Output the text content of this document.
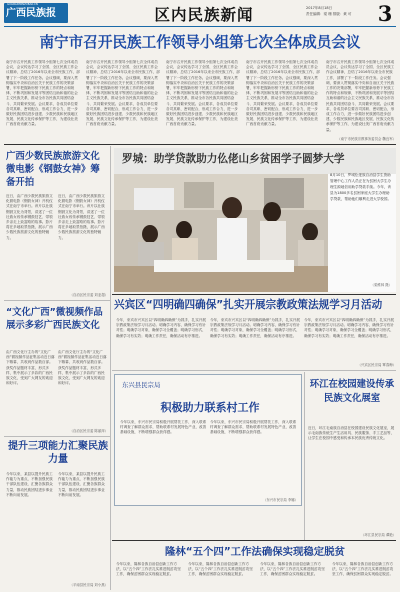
GUANGXIMINZUBAO.CN
广西民族报	区内民族新闻	2017年8月18日
责任编辑：梁 珊 排版：黄 可	3
南宁市召开民族工作领导小组第七次全体成员会议
南宁市召开民族工作领导小组第七次全体成员会议，会议传达学习了全国、全区民族工作会议精神，总结了2016年以来全市民族工作，部署了下一阶段工作任务。会议强调，要深入贯彻落实中央和自治区关于民族工作的决策部署，牢牢把握新形势下民族工作的特点和规律，不断巩固和发展平等团结互助和谐的社会主义民族关系，推动全市各民族共同团结奋斗、共同繁荣发展。会议要求，各成员单位要各司其职、密切配合，形成工作合力，进一步做好民族团结进步创建、少数民族和民族地区发展、民族文化传承保护等工作，为建设壮美广西首府贡献力量。
南宁市召开民族工作领导小组第七次全体成员会议，会议传达学习了全国、全区民族工作会议精神，总结了2016年以来全市民族工作，部署了下一阶段工作任务。会议强调，要深入贯彻落实中央和自治区关于民族工作的决策部署，牢牢把握新形势下民族工作的特点和规律，不断巩固和发展平等团结互助和谐的社会主义民族关系，推动全市各民族共同团结奋斗、共同繁荣发展。会议要求，各成员单位要各司其职、密切配合，形成工作合力，进一步做好民族团结进步创建、少数民族和民族地区发展、民族文化传承保护等工作，为建设壮美广西首府贡献力量。
南宁市召开民族工作领导小组第七次全体成员会议，会议传达学习了全国、全区民族工作会议精神，总结了2016年以来全市民族工作，部署了下一阶段工作任务。会议强调，要深入贯彻落实中央和自治区关于民族工作的决策部署，牢牢把握新形势下民族工作的特点和规律，不断巩固和发展平等团结互助和谐的社会主义民族关系，推动全市各民族共同团结奋斗、共同繁荣发展。会议要求，各成员单位要各司其职、密切配合，形成工作合力，进一步做好民族团结进步创建、少数民族和民族地区发展、民族文化传承保护等工作，为建设壮美广西首府贡献力量。
南宁市召开民族工作领导小组第七次全体成员会议，会议传达学习了全国、全区民族工作会议精神，总结了2016年以来全市民族工作，部署了下一阶段工作任务。会议强调，要深入贯彻落实中央和自治区关于民族工作的决策部署，牢牢把握新形势下民族工作的特点和规律，不断巩固和发展平等团结互助和谐的社会主义民族关系，推动全市各民族共同团结奋斗、共同繁荣发展。会议要求，各成员单位要各司其职、密切配合，形成工作合力，进一步做好民族团结进步创建、少数民族和民族地区发展、民族文化传承保护等工作，为建设壮美广西首府贡献力量。
南宁市召开民族工作领导小组第七次全体成员会议，会议传达学习了全国、全区民族工作会议精神，总结了2016年以来全市民族工作，部署了下一阶段工作任务。会议强调，要深入贯彻落实中央和自治区关于民族工作的决策部署，牢牢把握新形势下民族工作的特点和规律，不断巩固和发展平等团结互助和谐的社会主义民族关系，推动全市各民族共同团结奋斗、共同繁荣发展。会议要求，各成员单位要各司其职、密切配合，形成工作合力，进一步做好民族团结进步创建、少数民族和民族地区发展、民族文化传承保护等工作，为建设壮美广西首府贡献力量。
（南宁市民族宗教事务委员会 魏良军）
广西少数民族旅游文化微电影《钢鼓女神》筹备开拍
近日，由广西少数民族旅游文化微电影《钢鼓女神》开机仪式在南宁市举行。该片以壮族钢鼓文化为背景，讲述了一位壮族女孩传承钢鼓技艺、带领乡亲走上致富路的故事。影片将在多地取景拍摄，展示广西少数民族旅游文化的独特魅力。
近日，由广西少数民族旅游文化微电影《钢鼓女神》开机仪式在南宁市举行。该片以壮族钢鼓文化为背景，讲述了一位壮族女孩传承钢鼓技艺、带领乡亲走上致富路的故事。影片将在多地取景拍摄，展示广西少数民族旅游文化的独特魅力。
（自治区民宗委 刘亚超）
“文化广西”微视频作品展示多彩广西民族文化
由广西文化厅主办的“文化广西”微视频作品征集活动近日落下帷幕，共收到作品数百部。获奖作品题材丰富，形式多样，集中展示了多彩的广西民族文化，受到广大网友的欢迎和好评。
由广西文化厅主办的“文化广西”微视频作品征集活动近日落下帷幕，共收到作品数百部。获奖作品题材丰富，形式多样，集中展示了多彩的广西民族文化，受到广大网友的欢迎和好评。
（自治区民宗委 陈丽萍）
提升三项能力汇聚民族力量
今年以来，某县以提升民族工作能力为重点，不断加强民族干部队伍建设，汇聚各族群众力量，推动民族团结进步事业不断向前发展。
今年以来，某县以提升民族工作能力为重点，不断加强民族干部队伍建设，汇聚各族群众力量，推动民族团结进步事业不断向前发展。
（平南县民宗局 刘小燕）
罗城：助学贷款助力仫佬山乡贫困学子圆梦大学
8月10日，罗城仫佬族自治县学生资助管理中心工作人员正在为贫困大学生办理生源地信用助学贷款手续。今年，该县为1800多名贫困家庭大学生办理助学贷款，帮助他们顺利走进大学校园。
（梁维林 摄）
兴宾区“四明确四确保”扎实开展宗教政策法规学习月活动
今年，来宾市兴宾区以“四明确四确保”为抓手，扎实开展宗教政策法规学习月活动。明确学习内容，确保学习有针对性；明确学习对象，确保学习全覆盖；明确学习形式，确保学习有实效；明确工作责任，确保活动有序推进。
今年，来宾市兴宾区以“四明确四确保”为抓手，扎实开展宗教政策法规学习月活动。明确学习内容，确保学习有针对性；明确学习对象，确保学习全覆盖；明确学习形式，确保学习有实效；明确工作责任，确保活动有序推进。
今年，来宾市兴宾区以“四明确四确保”为抓手，扎实开展宗教政策法规学习月活动。明确学习内容，确保学习有针对性；明确学习对象，确保学习全覆盖；明确学习形式，确保学习有实效；明确工作责任，确保活动有序推进。
（兴宾区民宗局 覃春梅）
东兴县民宗局
积极助力联系村工作
今年以来，东兴市民宗局积极开展帮扶工作，深入联系村调查了解群众需求，帮助联系村发展特色产业，改善基础设施，不断增强群众获得感。
今年以来，东兴市民宗局积极开展帮扶工作，深入联系村调查了解群众需求，帮助联系村发展特色产业，改善基础设施，不断增强群众获得感。
（东兴市民宗局 李娜）
环江在校园建设传承民族文化展室
近日，环江毛南族自治县在校园建设民族文化展室，展示毛南族传统生产生活用具、民族服饰、手工艺品等，让学生在校园中感受和传承本民族优秀传统文化。
（环江县民宗局 谭艳）
隆林“五个四”工作法确保实现稳定脱贫
今年以来，隆林各族自治县创新工作方法，以“五个四”工作法扎实推进脱贫攻坚工作，确保贫困群众实现稳定脱贫。
今年以来，隆林各族自治县创新工作方法，以“五个四”工作法扎实推进脱贫攻坚工作，确保贫困群众实现稳定脱贫。
今年以来，隆林各族自治县创新工作方法，以“五个四”工作法扎实推进脱贫攻坚工作，确保贫困群众实现稳定脱贫。
今年以来，隆林各族自治县创新工作方法，以“五个四”工作法扎实推进脱贫攻坚工作，确保贫困群众实现稳定脱贫。
